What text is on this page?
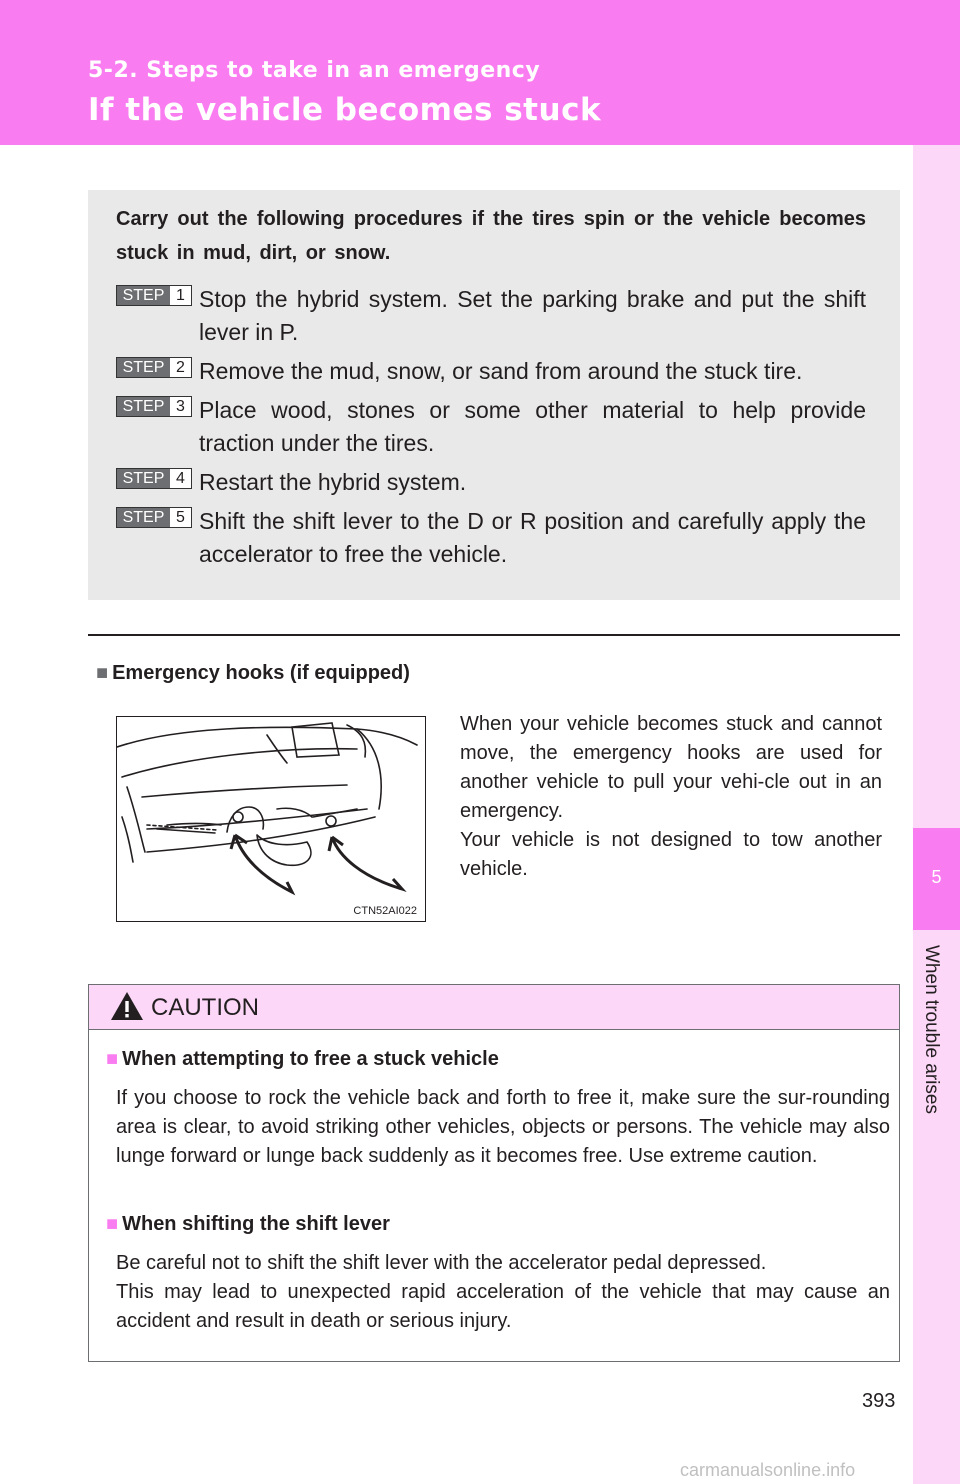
5-2. Steps to take in an emergency
If the vehicle becomes stuck
5
When trouble arises
Carry out the following procedures if the tires spin or the vehicle becomes stuck in mud, dirt, or snow.
STEP 1 Stop the hybrid system. Set the parking brake and put the shift lever in P.
STEP 2 Remove the mud, snow, or sand from around the stuck tire.
STEP 3 Place wood, stones or some other material to help provide traction under the tires.
STEP 4 Restart the hybrid system.
STEP 5 Shift the shift lever to the D or R position and carefully apply the accelerator to free the vehicle.
■ Emergency hooks (if equipped)
CTN52AI022

When your vehicle becomes stuck and cannot move, the emergency hooks are used for another vehicle to pull your vehi-cle out in an emergency.

Your vehicle is not designed to tow another vehicle.

CAUTION
■ When attempting to free a stuck vehicle

If you choose to rock the vehicle back and forth to free it, make sure the sur-rounding area is clear, to avoid striking other vehicles, objects or persons. The vehicle may also lunge forward or lunge back suddenly as it becomes free. Use extreme caution.

■ When shifting the shift lever

Be careful not to shift the shift lever with the accelerator pedal depressed.

This may lead to unexpected rapid acceleration of the vehicle that may cause an accident and result in death or serious injury.

393
carmanualsonline.info
